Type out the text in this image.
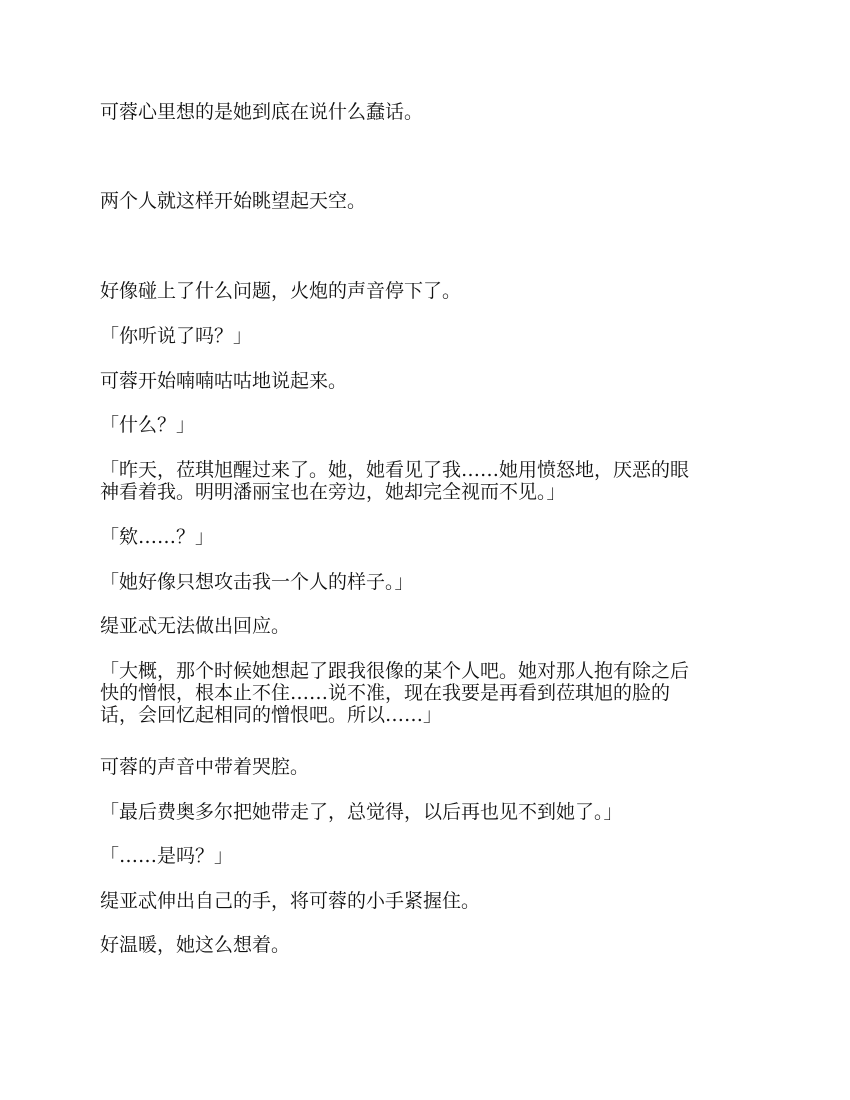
可蓉心里想的是她到底在说什么蠢话。

两个人就这样开始眺望起天空。

好像碰上了什么问题，火炮的声音停下了。

「你听说了吗？」

可蓉开始喃喃咕咕地说起来。

「什么？」

「昨天，莅琪旭醒过来了。她，她看见了我……她用愤怒地，厌恶的眼
神看着我。明明潘丽宝也在旁边，她却完全视而不见。」

「欸……？」

「她好像只想攻击我一个人的样子。」

缇亚忒无法做出回应。

「大概，那个时候她想起了跟我很像的某个人吧。她对那人抱有除之后
快的憎恨，根本止不住……说不准，现在我要是再看到莅琪旭的脸的
话，会回忆起相同的憎恨吧。所以……」

可蓉的声音中带着哭腔。

「最后费奥多尔把她带走了，总觉得，以后再也见不到她了。」

「……是吗？」

缇亚忒伸出自己的手，将可蓉的小手紧握住。

好温暖，她这么想着。
